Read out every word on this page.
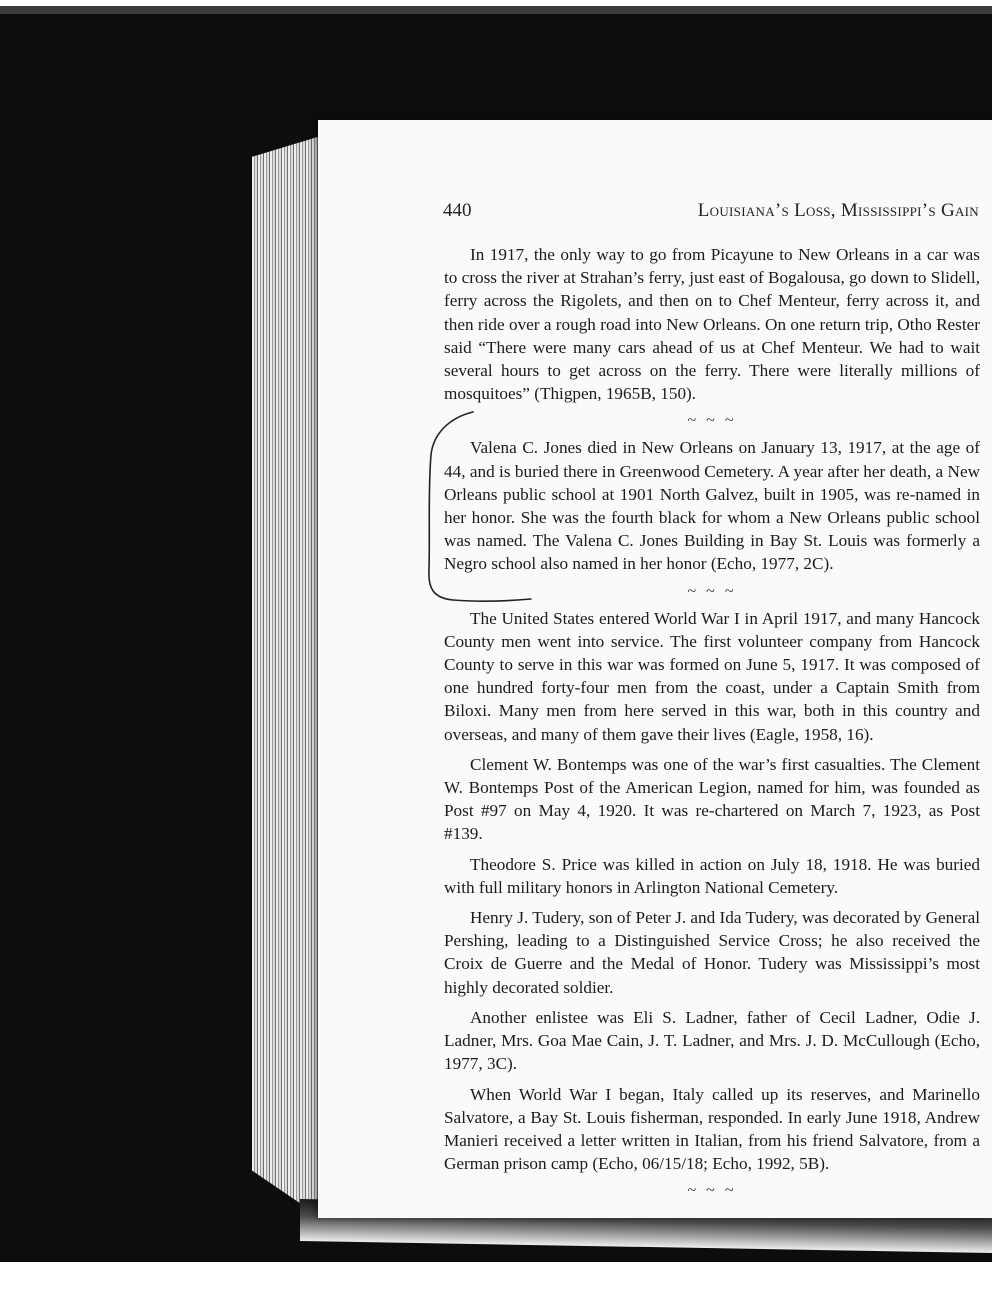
440	Louisiana’s Loss, Mississippi’s Gain

In 1917, the only way to go from Picayune to New Orleans in a car was to cross the river at Strahan’s ferry, just east of Bogalousa, go down to Slidell, ferry across the Rigolets, and then on to Chef Menteur, ferry across it, and then ride over a rough road into New Orleans. On one return trip, Otho Rester said “There were many cars ahead of us at Chef Menteur. We had to wait several hours to get across on the ferry. There were literally millions of mosquitoes” (Thigpen, 1965B, 150).

~ ~ ~

Valena C. Jones died in New Orleans on January 13, 1917, at the age of 44, and is buried there in Greenwood Cemetery. A year after her death, a New Orleans public school at 1901 North Galvez, built in 1905, was re-named in her honor. She was the fourth black for whom a New Orleans public school was named. The Valena C. Jones Building in Bay St. Louis was formerly a Negro school also named in her honor (Echo, 1977, 2C).

~ ~ ~

The United States entered World War I in April 1917, and many Hancock County men went into service. The first volunteer company from Hancock County to serve in this war was formed on June 5, 1917. It was composed of one hundred forty-four men from the coast, under a Captain Smith from Biloxi. Many men from here served in this war, both in this country and overseas, and many of them gave their lives (Eagle, 1958, 16).

Clement W. Bontemps was one of the war’s first casualties. The Clement W. Bontemps Post of the American Legion, named for him, was founded as Post #97 on May 4, 1920. It was re-chartered on March 7, 1923, as Post #139.

Theodore S. Price was killed in action on July 18, 1918. He was buried with full military honors in Arlington National Cemetery.

Henry J. Tudery, son of Peter J. and Ida Tudery, was decorated by General Pershing, leading to a Distinguished Service Cross; he also received the Croix de Guerre and the Medal of Honor. Tudery was Mississippi’s most highly decorated soldier.

Another enlistee was Eli S. Ladner, father of Cecil Ladner, Odie J. Ladner, Mrs. Goa Mae Cain, J. T. Ladner, and Mrs. J. D. McCullough (Echo, 1977, 3C).

When World War I began, Italy called up its reserves, and Marinello Salvatore, a Bay St. Louis fisherman, responded. In early June 1918, Andrew Manieri received a letter written in Italian, from his friend Salvatore, from a German prison camp (Echo, 06/15/18; Echo, 1992, 5B).

~ ~ ~
